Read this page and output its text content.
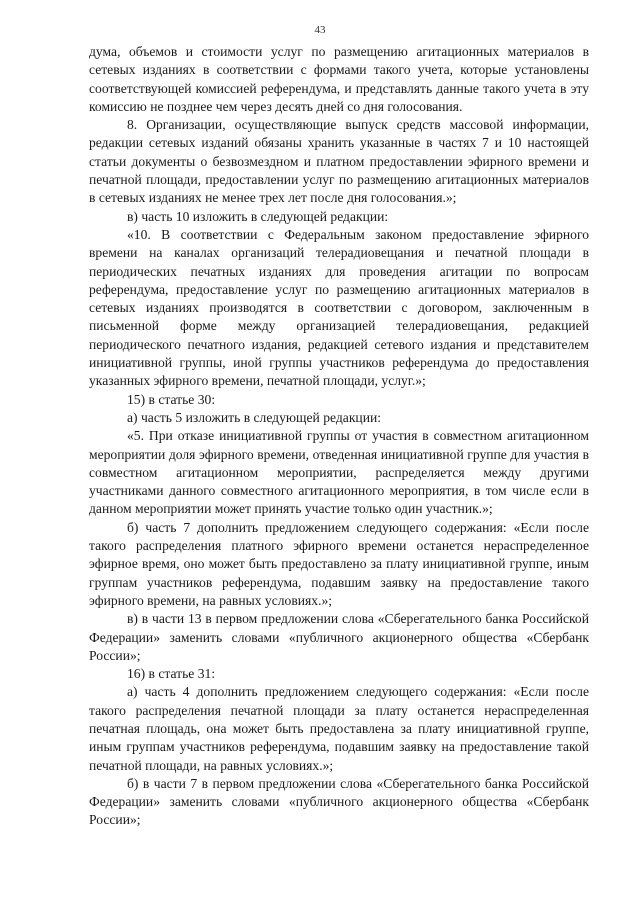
43

дума, объемов и стоимости услуг по размещению агитационных материалов в сетевых изданиях в соответствии с формами такого учета, которые установлены соответствующей комиссией референдума, и представлять данные такого учета в эту комиссию не позднее чем через десять дней со дня голосования.

8. Организации, осуществляющие выпуск средств массовой информации, редакции сетевых изданий обязаны хранить указанные в частях 7 и 10 настоящей статьи документы о безвозмездном и платном предоставлении эфирного времени и печатной площади, предоставлении услуг по размещению агитационных материалов в сетевых изданиях не менее трех лет после дня голосования.»;

в) часть 10 изложить в следующей редакции:

«10. В соответствии с Федеральным законом предоставление эфирного времени на каналах организаций телерадиовещания и печатной площади в периодических печатных изданиях для проведения агитации по вопросам референдума, предоставление услуг по размещению агитационных материалов в сетевых изданиях производятся в соответствии с договором, заключенным в письменной форме между организацией телерадиовещания, редакцией периодического печатного издания, редакцией сетевого издания и представителем инициативной группы, иной группы участников референдума до предоставления указанных эфирного времени, печатной площади, услуг.»;

15) в статье 30:

а) часть 5 изложить в следующей редакции:

«5. При отказе инициативной группы от участия в совместном агитационном мероприятии доля эфирного времени, отведенная инициативной группе для участия в совместном агитационном мероприятии, распределяется между другими участниками данного совместного агитационного мероприятия, в том числе если в данном мероприятии может принять участие только один участник.»;

б) часть 7 дополнить предложением следующего содержания: «Если после такого распределения платного эфирного времени останется нераспределенное эфирное время, оно может быть предоставлено за плату инициативной группе, иным группам участников референдума, подавшим заявку на предоставление такого эфирного времени, на равных условиях.»;

в) в части 13 в первом предложении слова «Сберегательного банка Российской Федерации» заменить словами «публичного акционерного общества «Сбербанк России»;

16) в статье 31:

а) часть 4 дополнить предложением следующего содержания: «Если после такого распределения печатной площади за плату останется нераспределенная печатная площадь, она может быть предоставлена за плату инициативной группе, иным группам участников референдума, подавшим заявку на предоставление такой печатной площади, на равных условиях.»;

б) в части 7 в первом предложении слова «Сберегательного банка Российской Федерации» заменить словами «публичного акционерного общества «Сбербанк России»;
